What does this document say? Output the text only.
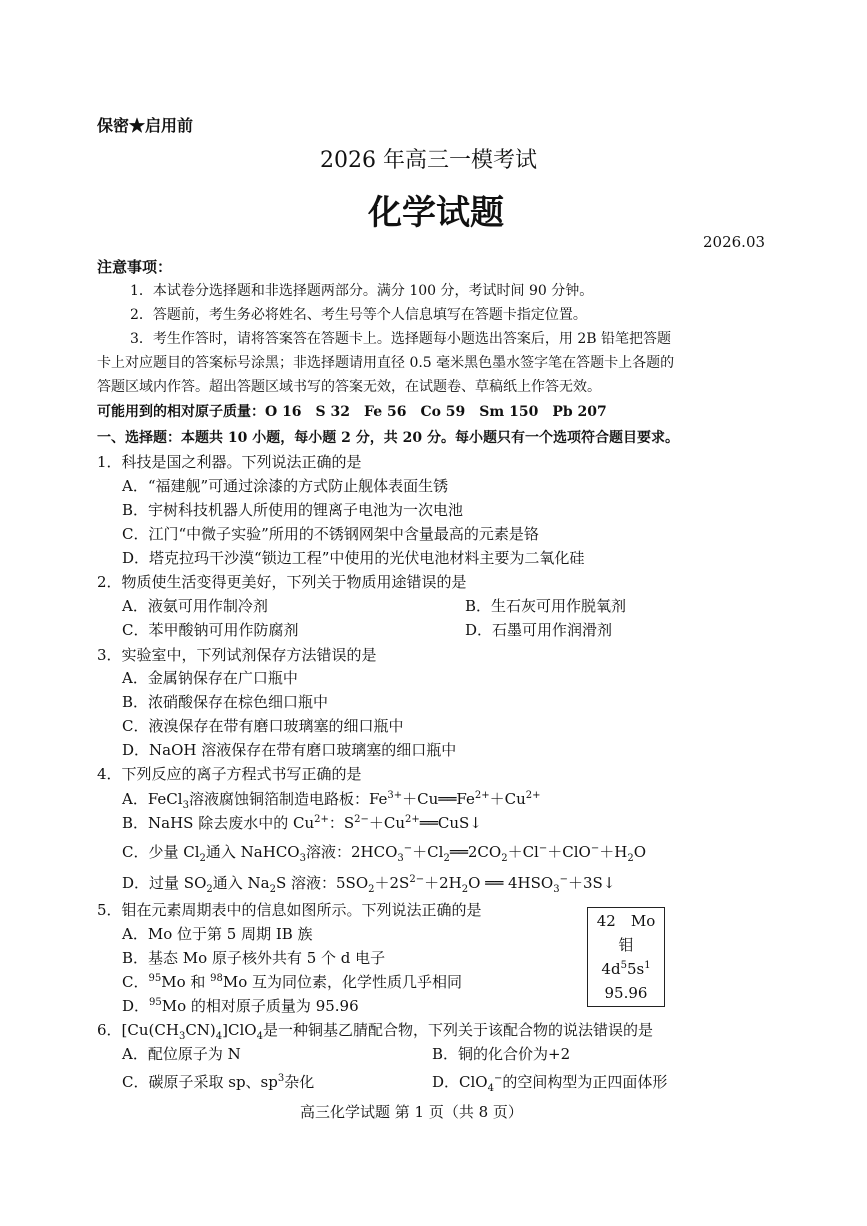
保密★启用前
2026 年高三一模考试
化学试题
2026.03
注意事项：
1．本试卷分选择题和非选择题两部分。满分 100 分，考试时间 90 分钟。
2．答题前，考生务必将姓名、考生号等个人信息填写在答题卡指定位置。
3．考生作答时，请将答案答在答题卡上。选择题每小题选出答案后，用 2B 铅笔把答题
卡上对应题目的答案标号涂黑；非选择题请用直径 0.5 毫米黑色墨水签字笔在答题卡上各题的
答题区域内作答。超出答题区域书写的答案无效，在试题卷、草稿纸上作答无效。
可能用到的相对原子质量：O 16　S 32　Fe 56　Co 59　Sm 150　Pb 207
一、选择题：本题共 10 小题，每小题 2 分，共 20 分。每小题只有一个选项符合题目要求。
1．科技是国之利器。下列说法正确的是
A．“福建舰”可通过涂漆的方式防止舰体表面生锈
B．宇树科技机器人所使用的锂离子电池为一次电池
C．江门“中微子实验”所用的不锈钢网架中含量最高的元素是铬
D．塔克拉玛干沙漠“锁边工程”中使用的光伏电池材料主要为二氧化硅
2．物质使生活变得更美好，下列关于物质用途错误的是
A．液氨可用作制冷剂	B．生石灰可用作脱氧剂
C．苯甲酸钠可用作防腐剂	D．石墨可用作润滑剂
3．实验室中，下列试剂保存方法错误的是
A．金属钠保存在广口瓶中
B．浓硝酸保存在棕色细口瓶中
C．液溴保存在带有磨口玻璃塞的细口瓶中
D．NaOH 溶液保存在带有磨口玻璃塞的细口瓶中
4．下列反应的离子方程式书写正确的是
A．FeCl$_3$溶液腐蚀铜箔制造电路板：$Fe^{3+}+Cu══Fe^{2+}+Cu^{2+}$
B．NaHS 除去废水中的 $Cu^{2+}$：$S^{2-}+Cu^{2+}══CuS↓$
C．少量 $Cl_2$通入 NaHCO$_3$溶液：$2HCO_3^-+Cl_2══2CO_2+Cl^-+ClO^-+H_2O$
D．过量 $SO_2$通入 $Na_2S$ 溶液：$5SO_2+2S^{2-}+2H_2O$ ══ $4HSO_3^-+3S↓$
5．钼在元素周期表中的信息如图所示。下列说法正确的是
A．Mo 位于第 5 周期 IB 族
B．基态 Mo 原子核外共有 5 个 d 电子
C．$^{95}$Mo 和 $^{98}$Mo 互为同位素，化学性质几乎相同
D．$^{95}$Mo 的相对原子质量为 95.96
42　Mo
钼
$4d^55s^1$
95.96
6．$[Cu(CH_3CN)_4]ClO_4$是一种铜基乙腈配合物，下列关于该配合物的说法错误的是
A．配位原子为 N	B．铜的化合价为+2
C．碳原子采取 sp、$sp^3$杂化	D．ClO$_4$−的空间构型为正四面体形
高三化学试题 第 1 页（共 8 页）
